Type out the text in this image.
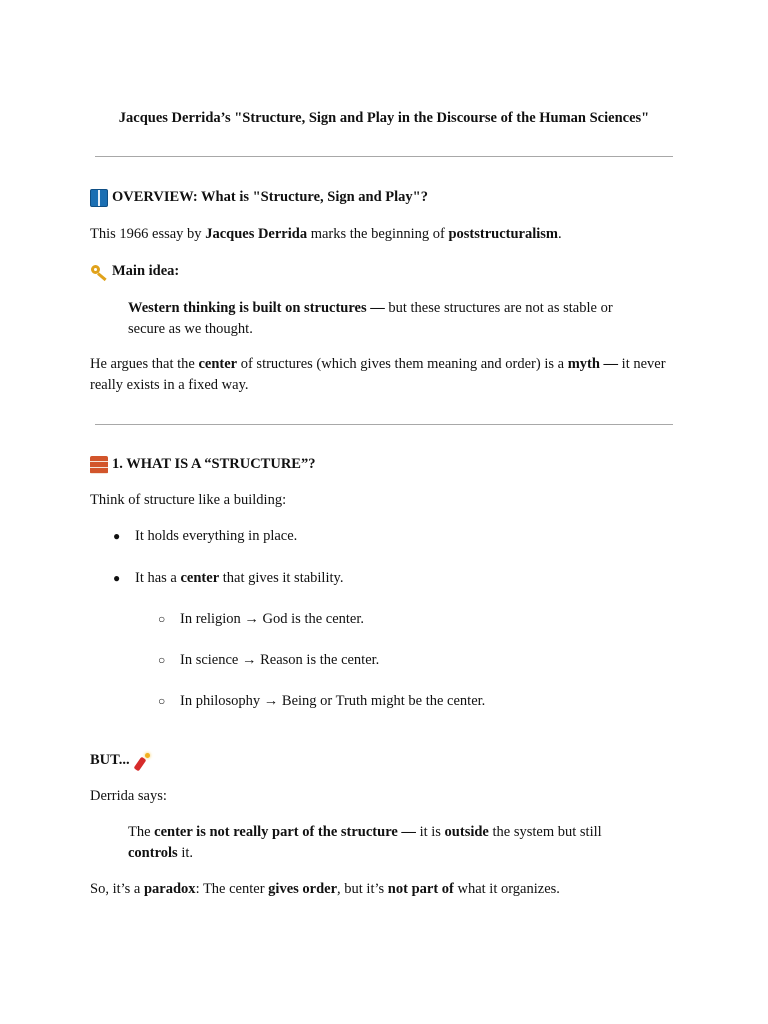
Jacques Derrida’s "Structure, Sign and Play in the Discourse of the Human Sciences"
OVERVIEW: What is "Structure, Sign and Play"?
This 1966 essay by Jacques Derrida marks the beginning of poststructuralism.
Main idea:
Western thinking is built on structures — but these structures are not as stable or secure as we thought.
He argues that the center of structures (which gives them meaning and order) is a myth — it never really exists in a fixed way.
1. WHAT IS A “STRUCTURE”?
Think of structure like a building:
●	It holds everything in place.
●	It has a center that gives it stability.
○	In religion → God is the center.
○	In science → Reason is the center.
○	In philosophy → Being or Truth might be the center.
BUT...
Derrida says:
The center is not really part of the structure — it is outside the system but still controls it.
So, it’s a paradox: The center gives order, but it’s not part of what it organizes.
